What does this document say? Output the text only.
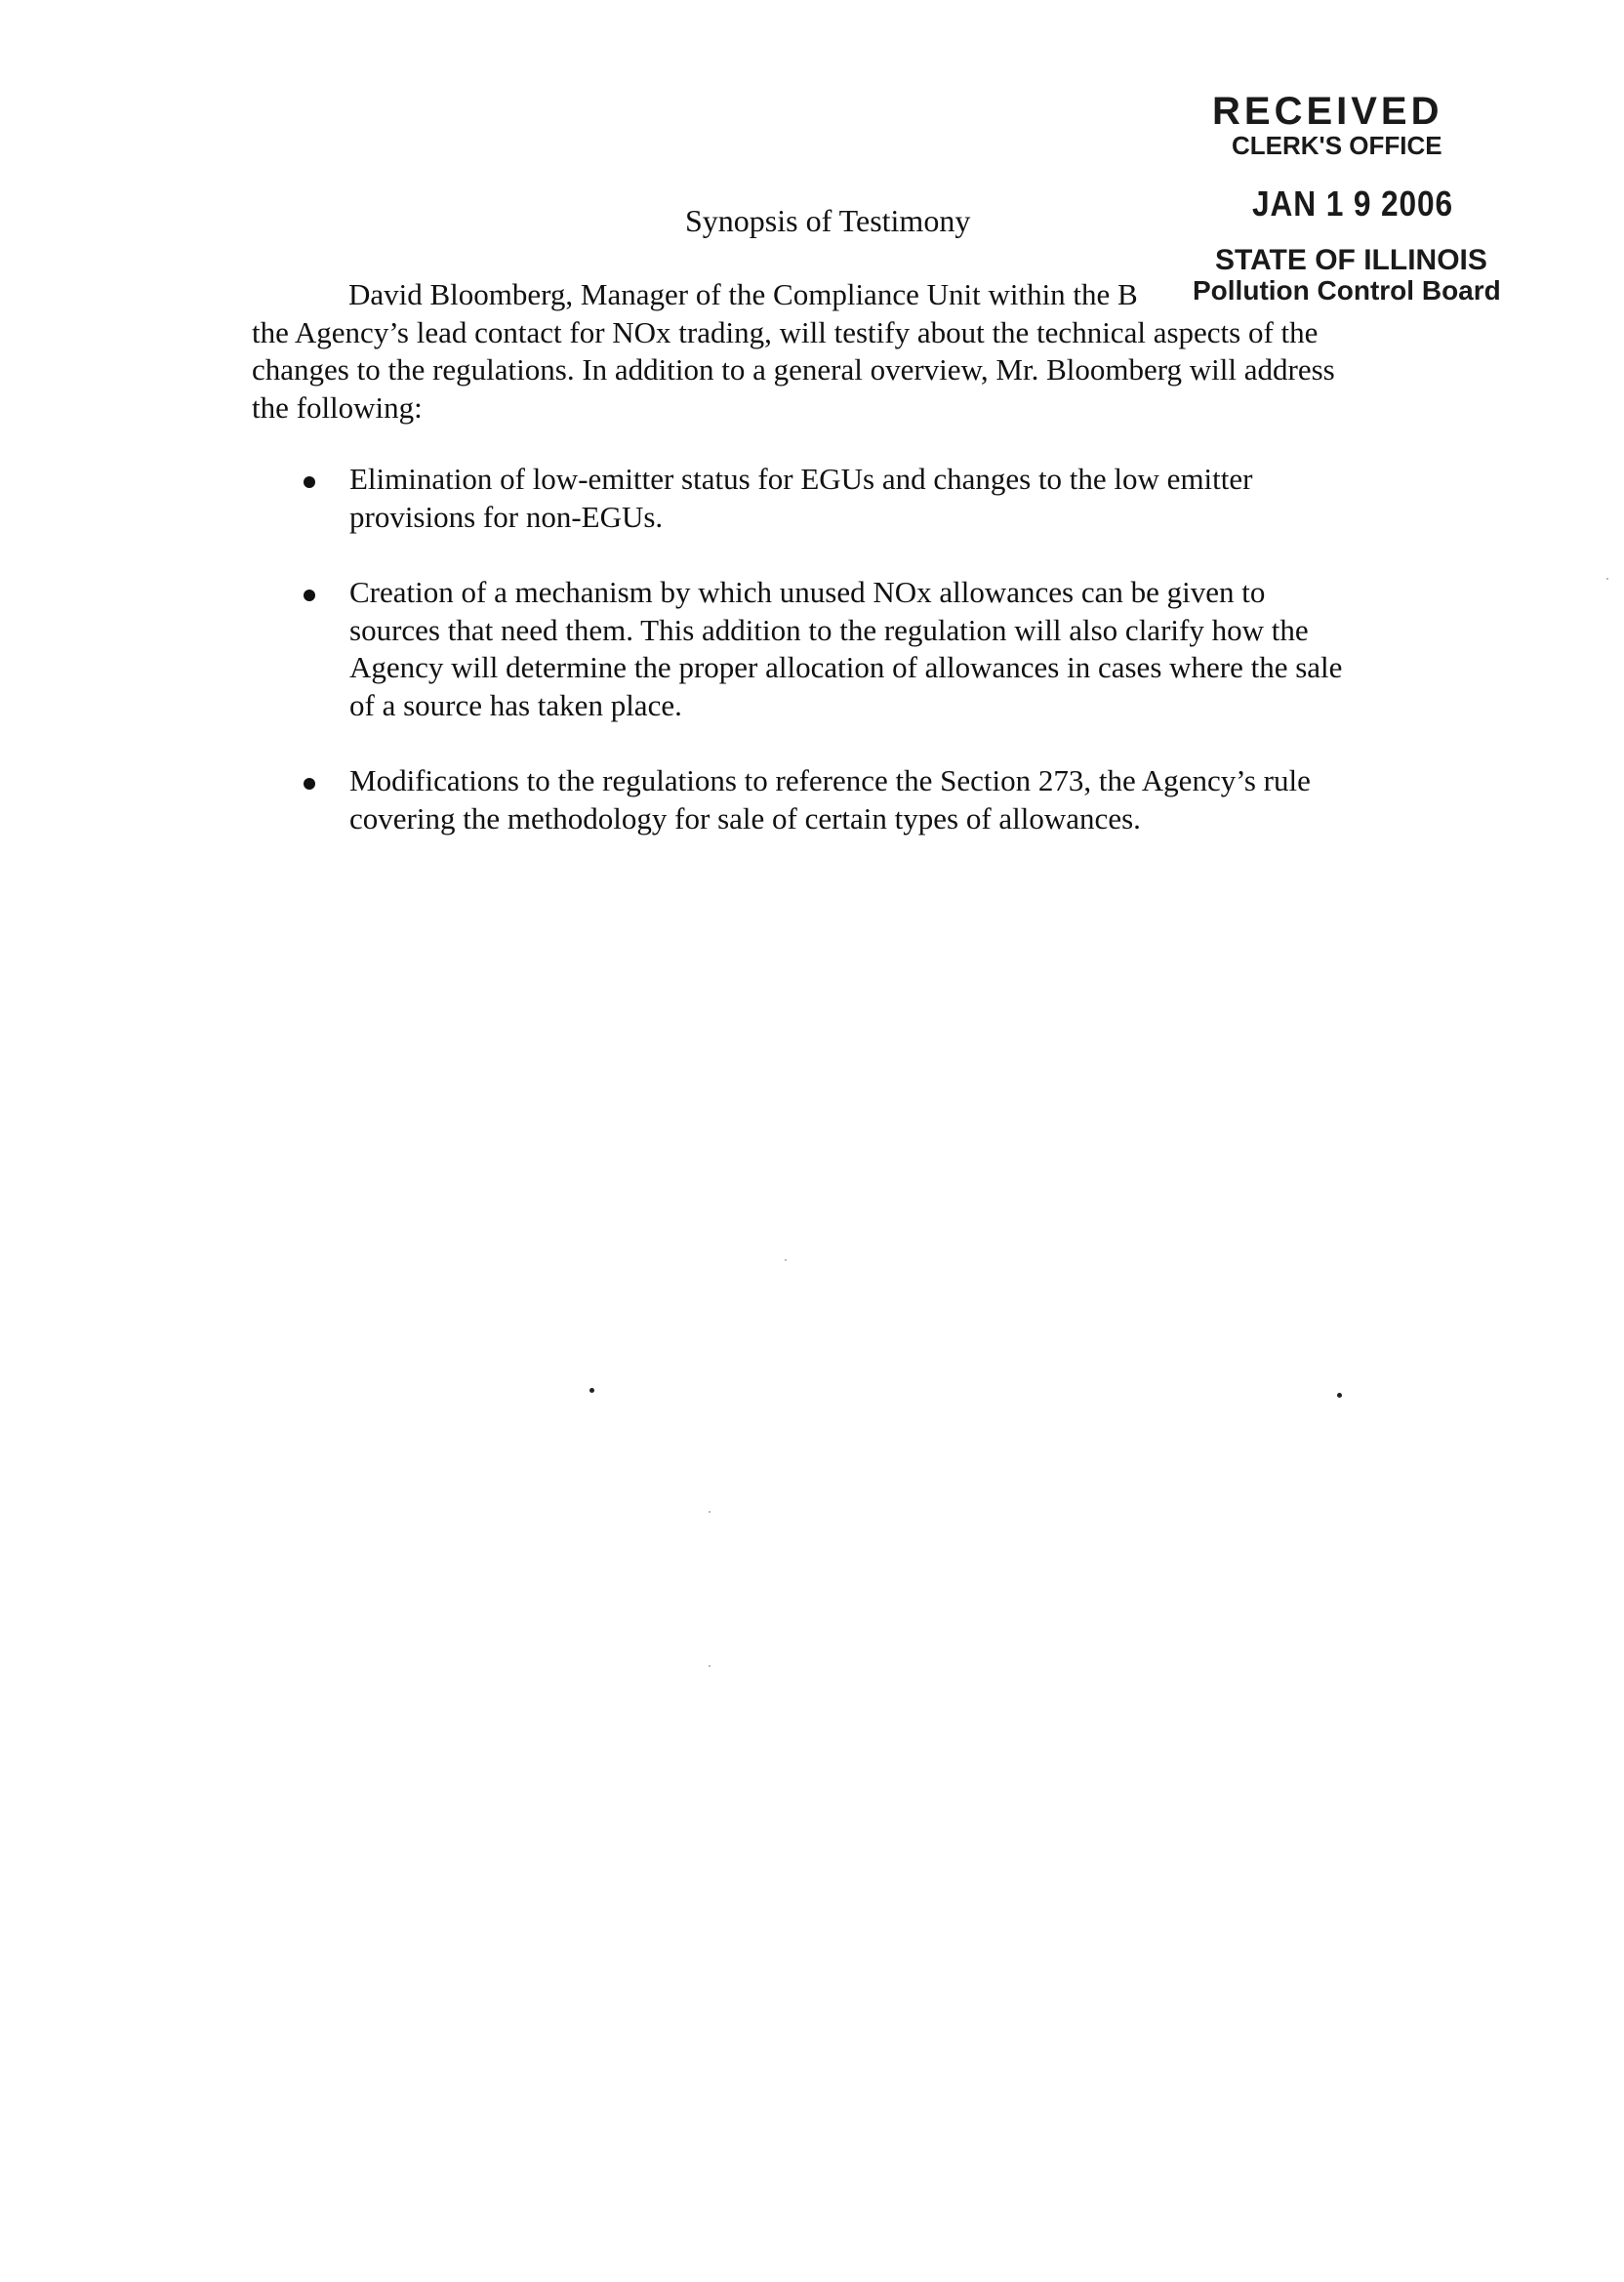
RECEIVED
CLERK'S OFFICE
JAN 1 9 2006
STATE OF ILLINOIS
Pollution Control Board
Synopsis of Testimony
David Bloomberg, Manager of the Compliance Unit within the B
the Agency’s lead contact for NOx trading, will testify about the technical aspects of the
changes to the regulations. In addition to a general overview, Mr. Bloomberg will address
the following:
Elimination of low-emitter status for EGUs and changes to the low emitter
provisions for non-EGUs.
Creation of a mechanism by which unused NOx allowances can be given to
sources that need them. This addition to the regulation will also clarify how the
Agency will determine the proper allocation of allowances in cases where the sale
of a source has taken place.
Modifications to the regulations to reference the Section 273, the Agency’s rule
covering the methodology for sale of certain types of allowances.
